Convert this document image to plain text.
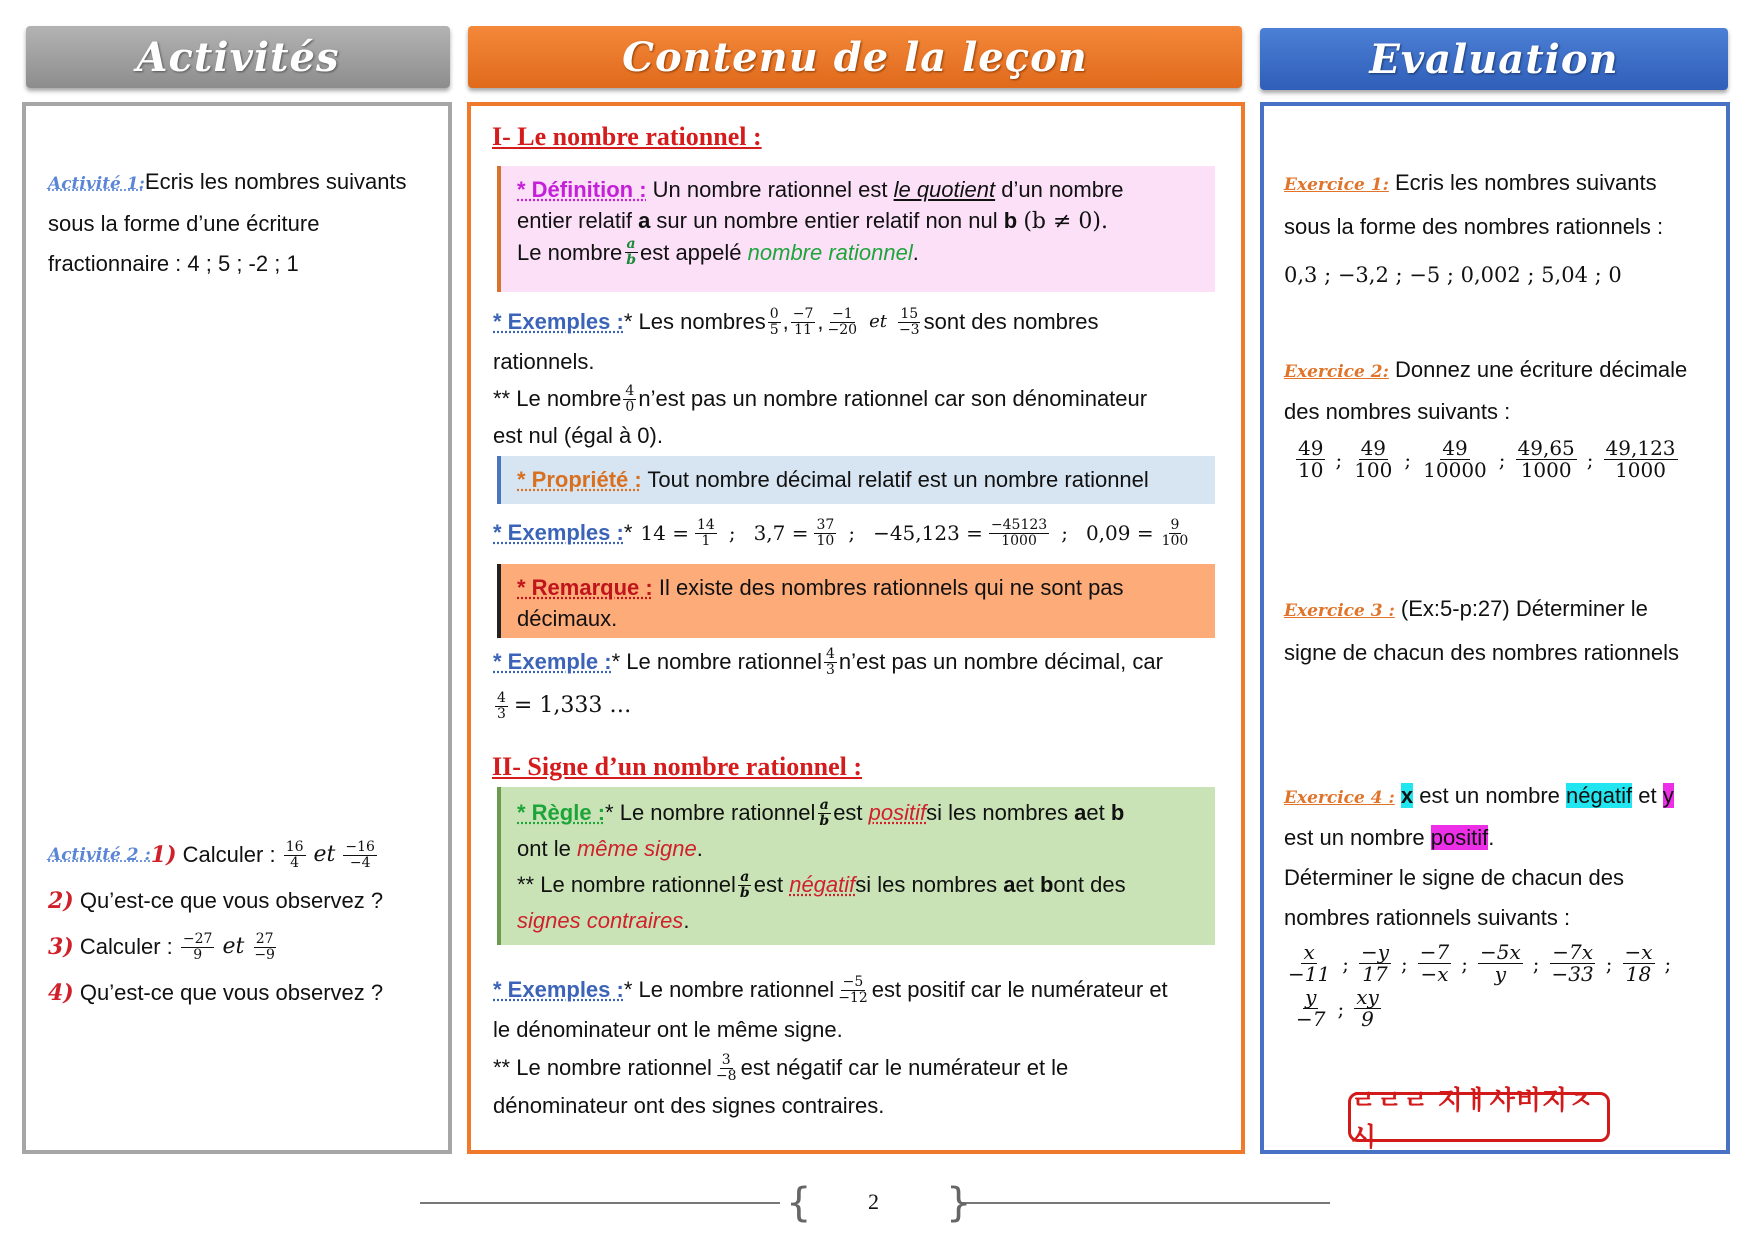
Activités	Contenu de la leçon	Evaluation
Activité 1:Ecris les nombres suivants
sous la forme d’une écriture
fractionnaire : 4 ; 5 ; -2 ; 1
Activité 2 : 1)
Calculer :
$\frac{16}{4}$ et $\frac{-16}{-4}$
2)
Qu’est-ce que vous observez ?
3)
Calculer :
$\frac{-27}{9}$ et $\frac{27}{-9}$
4)
Qu’est-ce que vous observez ?
I- Le nombre rationnel :
* Définition : Un nombre rationnel est le quotient d’un nombre
entier relatif a sur un nombre entier relatif non nul b (b ≠ 0).
Le nombre $\frac{a}{b}$ est appelé
nombre rationnel .
* Exemples : * Les nombres $\frac{0}{5}$ , $\frac{-7}{11}$ , $\frac{-1}{-20}$ et $\frac{15}{-3}$ sont des nombres
rationnels.
** Le nombre $\frac{4}{0}$ n’est pas un nombre rationnel car son dénominateur
est nul (égal à 0).
* Propriété : Tout nombre décimal relatif est un nombre rationnel
* Exemples : * $14 = \frac{14}{1}$ ; $3,7 = \frac{37}{10}$ ; $-45,123 = \frac{-45123}{1000}$ ; $0,09 = \frac{9}{100}$
* Remarque : Il existe des nombres rationnels qui ne sont pas
décimaux.
* Exemple : * Le nombre rationnel $\frac{4}{3}$ n’est pas un nombre décimal, car
$\frac{4}{3} = 1,333$ …
II- Signe d’un nombre rationnel :
* Règle : * Le nombre rationnel $\frac{a}{b}$ est
positif si les nombres
a et
b
ont le même signe.
** Le nombre rationnel $\frac{a}{b}$ est
négatif si les nombres
a et
b ont des
signes contraires.
* Exemples : * Le nombre rationnel $\frac{-5}{-12}$ est positif car le numérateur et
le dénominateur ont le même signe.
** Le nombre rationnel $\frac{3}{-8}$ est négatif car le numérateur et le
dénominateur ont des signes contraires.
Exercice 1: Ecris les nombres suivants
sous la forme des nombres rationnels :
0,3 ; −3,2 ; −5 ; 0,002 ; 5,04 ; 0
Exercice 2: Donnez une écriture décimale
des nombres suivants :
$\frac{49}{10}$ ; $\frac{49}{100}$ ; $\frac{49}{10000}$ ; $\frac{49,65}{1000}$ ; $\frac{49,123}{1000}$
Exercice 3 : (Ex:5-p:27) Déterminer le
signe de chacun des nombres rationnels
Exercice 4 : x est un nombre négatif et y
est un nombre positif.
Déterminer le signe de chacun des
nombres rationnels suivants :
$\frac{x}{-11}$ ; $\frac{-y}{17}$ ; $\frac{-7}{-x}$ ; $\frac{-5x}{y}$ ; $\frac{-7x}{-33}$ ; $\frac{-x}{18}$ ;
$\frac{y}{-7}$ ; $\frac{xy}{9}$
ㄹㄹㄹ 지ㅐ사비지ㅈ시
{	}
2
